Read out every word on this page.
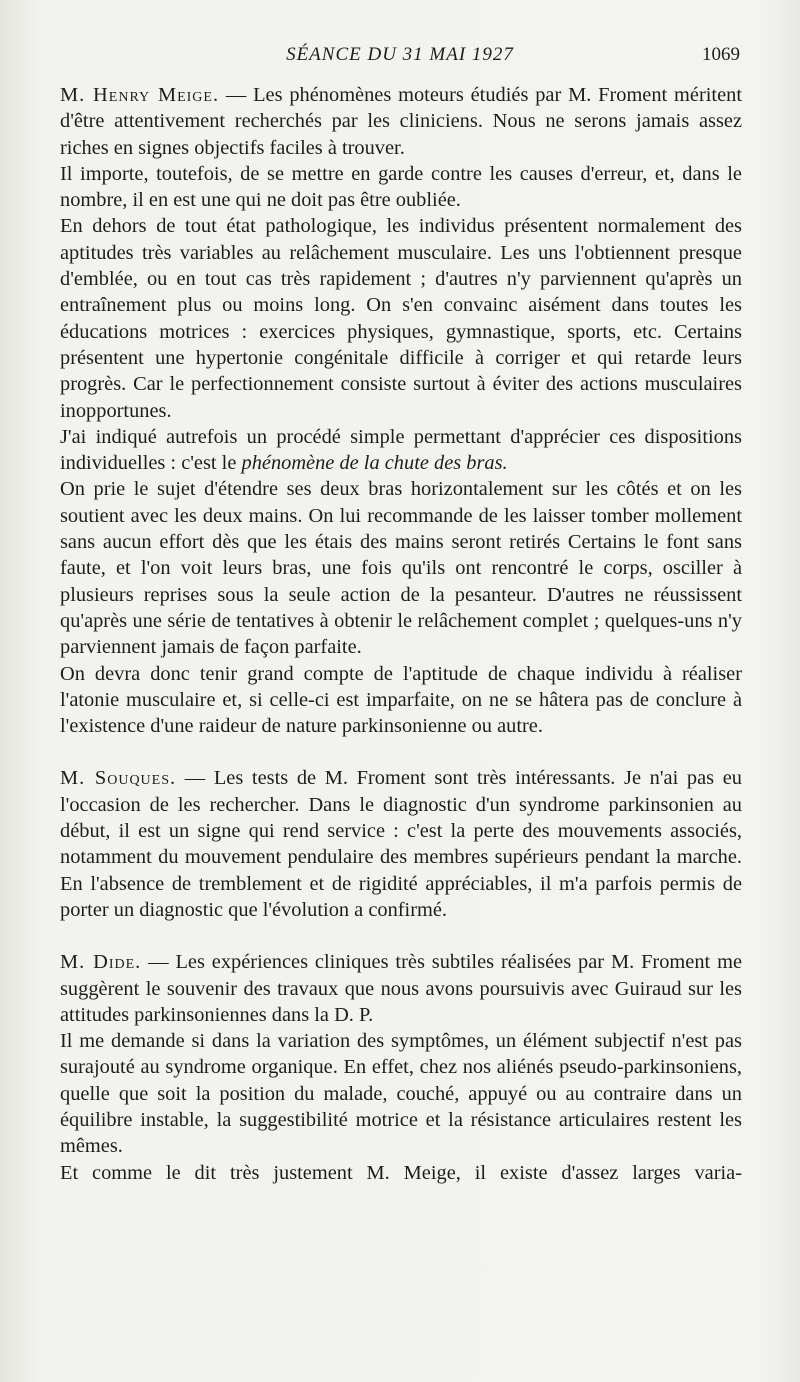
SÉANCE DU 31 MAI 1927	1069

M. Henry Meige. — Les phénomènes moteurs étudiés par M. Froment méritent d'être attentivement recherchés par les cliniciens. Nous ne serons jamais assez riches en signes objectifs faciles à trouver.

Il importe, toutefois, de se mettre en garde contre les causes d'erreur, et, dans le nombre, il en est une qui ne doit pas être oubliée.

En dehors de tout état pathologique, les individus présentent normalement des aptitudes très variables au relâchement musculaire. Les uns l'obtiennent presque d'emblée, ou en tout cas très rapidement ; d'autres n'y parviennent qu'après un entraînement plus ou moins long. On s'en convainc aisément dans toutes les éducations motrices : exercices physiques, gymnastique, sports, etc. Certains présentent une hypertonie congénitale difficile à corriger et qui retarde leurs progrès. Car le perfectionnement consiste surtout à éviter des actions musculaires inopportunes.

J'ai indiqué autrefois un procédé simple permettant d'apprécier ces dispositions individuelles : c'est le phénomène de la chute des bras.

On prie le sujet d'étendre ses deux bras horizontalement sur les côtés et on les soutient avec les deux mains. On lui recommande de les laisser tomber mollement sans aucun effort dès que les étais des mains seront retirés Certains le font sans faute, et l'on voit leurs bras, une fois qu'ils ont rencontré le corps, osciller à plusieurs reprises sous la seule action de la pesanteur. D'autres ne réussissent qu'après une série de tentatives à obtenir le relâchement complet ; quelques-uns n'y parviennent jamais de façon parfaite.

On devra donc tenir grand compte de l'aptitude de chaque individu à réaliser l'atonie musculaire et, si celle-ci est imparfaite, on ne se hâtera pas de conclure à l'existence d'une raideur de nature parkinsonienne ou autre.

M. Souques. — Les tests de M. Froment sont très intéressants. Je n'ai pas eu l'occasion de les rechercher. Dans le diagnostic d'un syndrome parkinsonien au début, il est un signe qui rend service : c'est la perte des mouvements associés, notamment du mouvement pendulaire des membres supérieurs pendant la marche. En l'absence de tremblement et de rigidité appréciables, il m'a parfois permis de porter un diagnostic que l'évolution a confirmé.

M. Dide. — Les expériences cliniques très subtiles réalisées par M. Froment me suggèrent le souvenir des travaux que nous avons poursuivis avec Guiraud sur les attitudes parkinsoniennes dans la D. P.

Il me demande si dans la variation des symptômes, un élément subjectif n'est pas surajouté au syndrome organique. En effet, chez nos aliénés pseudo-parkinsoniens, quelle que soit la position du malade, couché, appuyé ou au contraire dans un équilibre instable, la suggestibilité motrice et la résistance articulaires restent les mêmes.

Et comme le dit très justement M. Meige, il existe d'assez larges varia-
